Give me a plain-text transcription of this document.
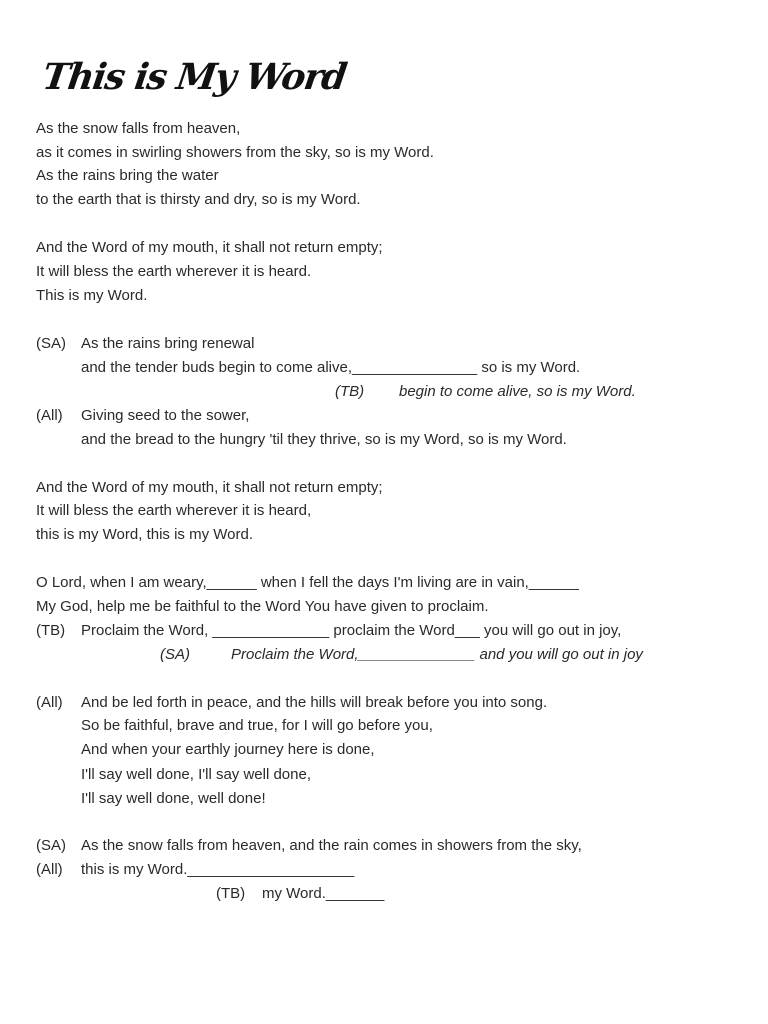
This is My Word
As the snow falls from heaven,
as it comes in swirling showers from the sky, so is my Word.
As the rains bring the water
to the earth that is thirsty and dry, so is my Word.
And the Word of my mouth, it shall not return empty;
It will bless the earth wherever it is heard.
This is my Word.
(SA) As the rains bring renewal
and the tender buds begin to come alive,_______________ so is my Word.
(TB) begin to come alive, so is my Word.
(All) Giving seed to the sower,
and the bread to the hungry 'til they thrive, so is my Word, so is my Word.
And the Word of my mouth, it shall not return empty;
It will bless the earth wherever it is heard,
this is my Word, this is my Word.
O Lord, when I am weary,______ when I fell the days I'm living are in vain,______
My God, help me be faithful to the Word You have given to proclaim.
(TB) Proclaim the Word, ______________ proclaim the Word___ you will go out in joy,
(SA)	Proclaim the Word,______________ and you will go out in joy
(All) And be led forth in peace, and the hills will break before you into song.
So be faithful, brave and true, for I will go before you,
And when your earthly journey here is done,
I'll say well done, I'll say well done,
I'll say well done, well done!
(SA) As the snow falls from heaven, and the rain comes in showers from the sky,
(All) this is my Word.____________________
(TB) my Word._______
